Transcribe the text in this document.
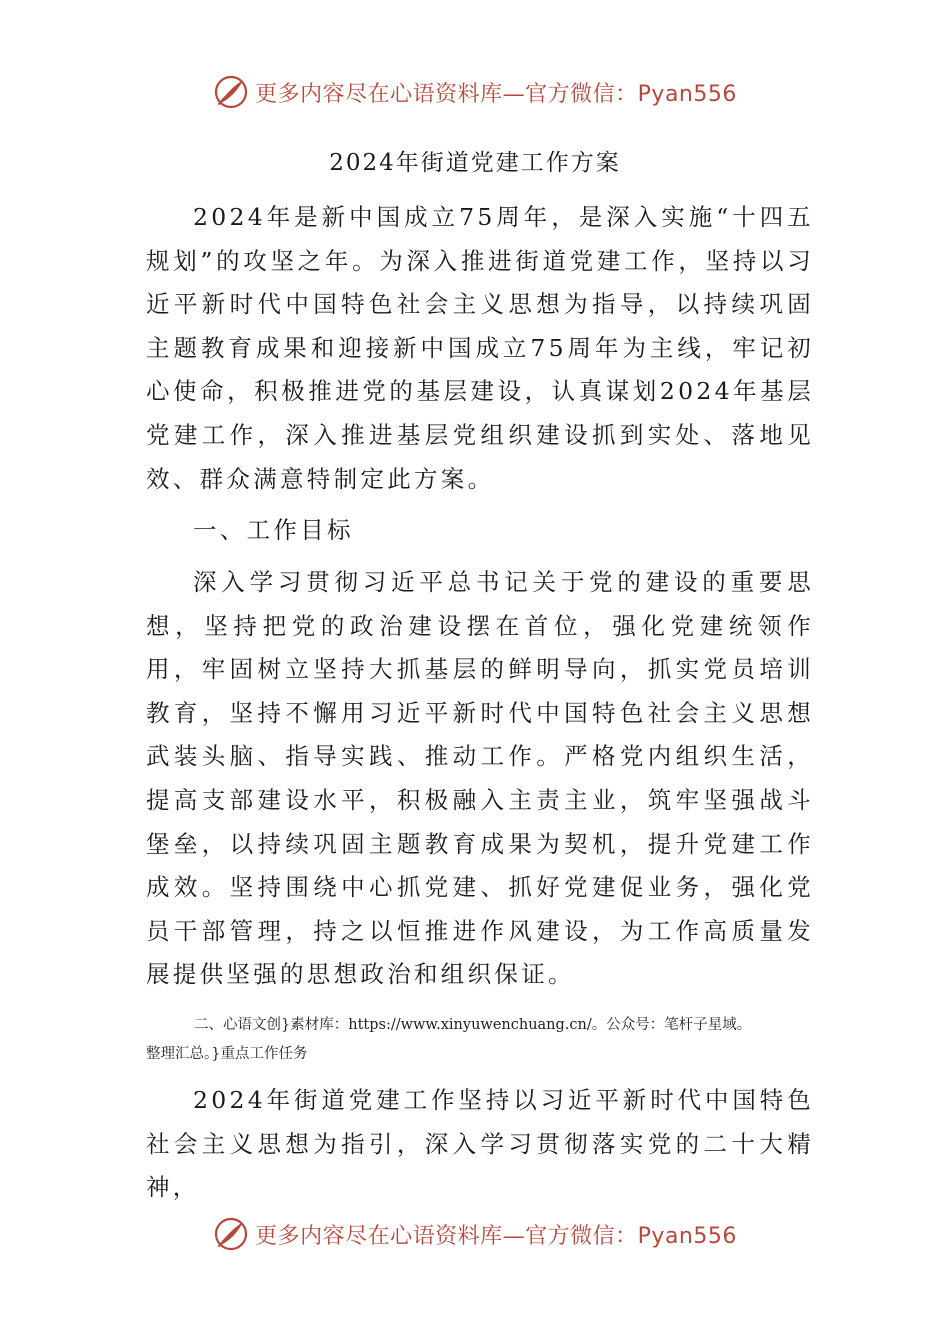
更多内容尽在心语资料库—官方微信：Pyan556
2024年街道党建工作方案

2024年是新中国成立75周年，是深入实施“十四五规划”的攻坚之年。为深入推进街道党建工作，坚持以习近平新时代中国特色社会主义思想为指导，以持续巩固主题教育成果和迎接新中国成立75周年为主线，牢记初心使命，积极推进党的基层建设，认真谋划2024年基层党建工作，深入推进基层党组织建设抓到实处、落地见效、群众满意特制定此方案。

一、工作目标

深入学习贯彻习近平总书记关于党的建设的重要思想，坚持把党的政治建设摆在首位，强化党建统领作用，牢固树立坚持大抓基层的鲜明导向，抓实党员培训教育，坚持不懈用习近平新时代中国特色社会主义思想武装头脑、指导实践、推动工作。严格党内组织生活，提高支部建设水平，积极融入主责主业，筑牢坚强战斗堡垒，以持续巩固主题教育成果为契机，提升党建工作成效。坚持围绕中心抓党建、抓好党建促业务，强化党员干部管理，持之以恒推进作风建设，为工作高质量发展提供坚强的思想政治和组织保证。

二、心语文创}素材库：https://www.xinyuwenchuang.cn/。公众号：笔杆子星域。

整理汇总。}重点工作任务

2024年街道党建工作坚持以习近平新时代中国特色社会主义思想为指引，深入学习贯彻落实党的二十大精神，

更多内容尽在心语资料库—官方微信：Pyan556
